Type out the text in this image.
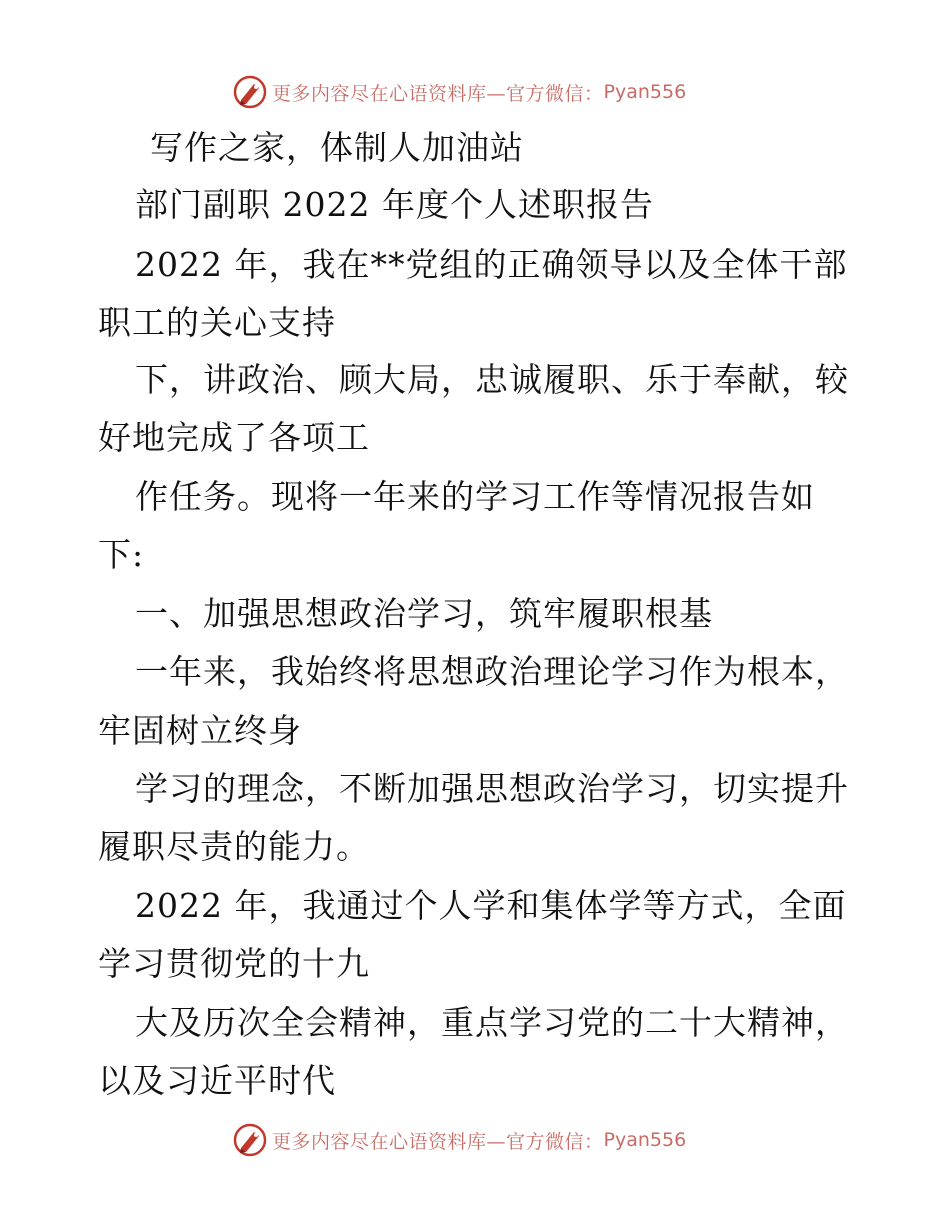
更多内容尽在心语资料库—官方微信： Pyan556
写作之家，体制人加油站
部门副职 2022 年度个人述职报告
2022 年，我在**党组的正确领导以及全体干部
职工的关心支持
下，讲政治、顾大局，忠诚履职、乐于奉献，较
好地完成了各项工
作任务。现将一年来的学习工作等情况报告如
下:
一、加强思想政治学习，筑牢履职根基
一年来，我始终将思想政治理论学习作为根本，
牢固树立终身
学习的理念，不断加强思想政治学习，切实提升
履职尽责的能力。
2022 年，我通过个人学和集体学等方式，全面
学习贯彻党的十九
大及历次全会精神，重点学习党的二十大精神，
以及习近平时代
更多内容尽在心语资料库—官方微信： Pyan556
